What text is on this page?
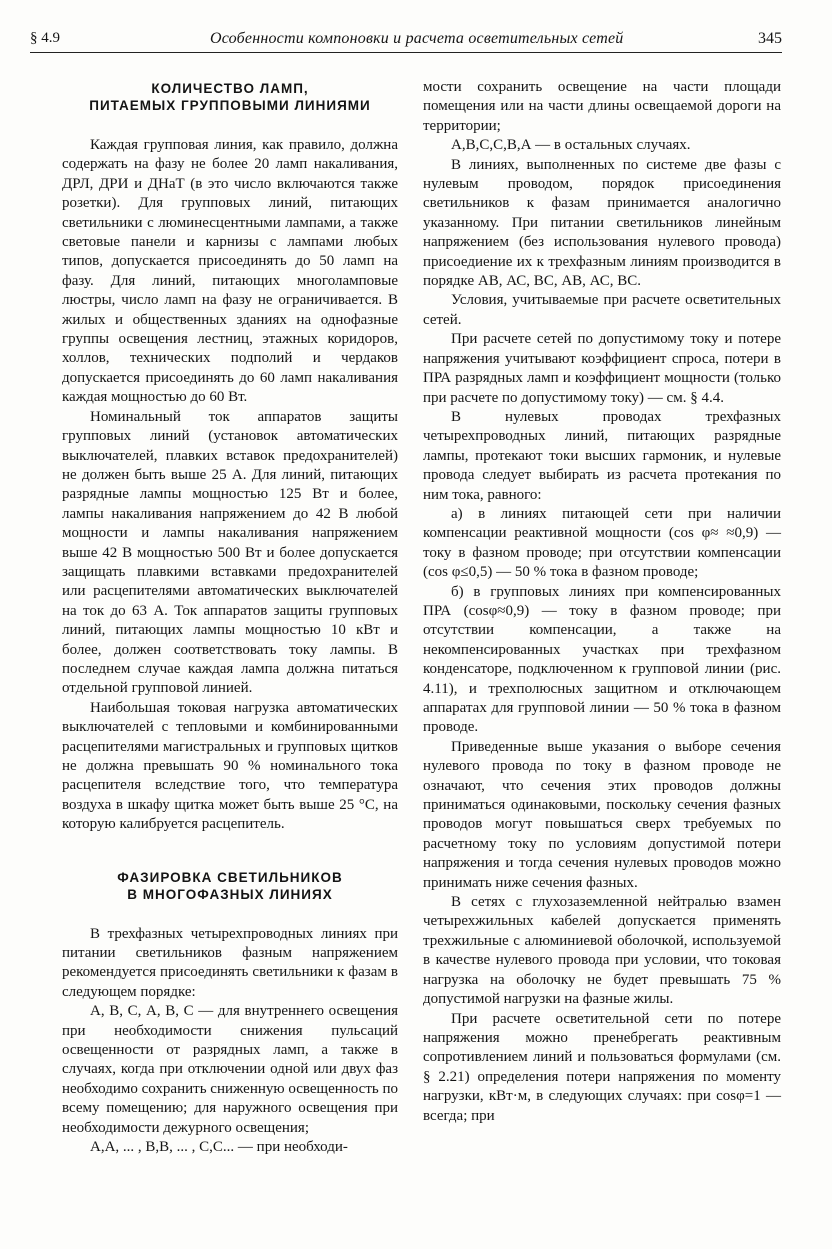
§ 4.9	Особенности компоновки и расчета осветительных сетей	345
КОЛИЧЕСТВО ЛАМП,
ПИТАЕМЫХ ГРУППОВЫМИ ЛИНИЯМИ

Каждая групповая линия, как правило, должна содержать на фазу не более 20 ламп накаливания, ДРЛ, ДРИ и ДНаТ (в это число включаются также розетки). Для групповых линий, питающих светильники с люминесцентными лампами, а также световые панели и карнизы с лампами любых типов, допускается присоединять до 50 ламп на фазу. Для линий, питающих многоламповые люстры, число ламп на фазу не ограничивается. В жилых и общественных зданиях на однофазные группы освещения лестниц, этажных коридоров, холлов, технических подполий и чердаков допускается присоединять до 60 ламп накаливания каждая мощностью до 60 Вт.

Номинальный ток аппаратов защиты групповых линий (установок автоматических выключателей, плавких вставок предохранителей) не должен быть выше 25 А. Для линий, питающих разрядные лампы мощностью 125 Вт и более, лампы накаливания напряжением до 42 В любой мощности и лампы накаливания напряжением выше 42 В мощностью 500 Вт и более допускается защищать плавкими вставками предохранителей или расцепителями автоматических выключателей на ток до 63 А. Ток аппаратов защиты групповых линий, питающих лампы мощностью 10 кВт и более, должен соответствовать току лампы. В последнем случае каждая лампа должна питаться отдельной групповой линией.

Наибольшая токовая нагрузка автоматических выключателей с тепловыми и комбинированными расцепителями магистральных и групповых щитков не должна превышать 90 % номинального тока расцепителя вследствие того, что температура воздуха в шкафу щитка может быть выше 25 °С, на которую калибруется расцепитель.

ФАЗИРОВКА СВЕТИЛЬНИКОВ
В МНОГОФАЗНЫХ ЛИНИЯХ

В трехфазных четырехпроводных линиях при питании светильников фазным напряжением рекомендуется присоединять светильники к фазам в следующем порядке:

А, В, С, А, В, С — для внутреннего освещения при необходимости снижения пульсаций освещенности от разрядных ламп, а также в случаях, когда при отключении одной или двух фаз необходимо сохранить сниженную освещенность по всему помещению; для наружного освещения при необходимости дежурного освещения;

А,А, ... , В,В, ... , С,С... — при необходи-

мости сохранить освещение на части площади помещения или на части длины освещаемой дороги на территории;

А,В,С,С,В,А — в остальных случаях.

В линиях, выполненных по системе две фазы с нулевым проводом, порядок присоединения светильников к фазам принимается аналогично указанному. При питании светильников линейным напряжением (без использования нулевого провода) присоедиение их к трехфазным линиям производится в порядке АВ, АС, ВС, АВ, АС, ВС.

Условия, учитываемые при расчете осветительных сетей.

При расчете сетей по допустимому току и потере напряжения учитывают коэффициент спроса, потери в ПРА разрядных ламп и коэффициент мощности (только при расчете по допустимому току) — см. § 4.4.

В нулевых проводах трехфазных четырехпроводных линий, питающих разрядные лампы, протекают токи высших гармоник, и нулевые провода следует выбирать из расчета протекания по ним тока, равного:

а) в линиях питающей сети при наличии компенсации реактивной мощности (cos φ≈ ≈0,9) — току в фазном проводе; при отсутствии компенсации (cos φ≤0,5) — 50 % тока в фазном проводе;

б) в групповых линиях при компенсированных ПРА (cosφ≈0,9) — току в фазном проводе; при отсутствии компенсации, а также на некомпенсированных участках при трехфазном конденсаторе, подключенном к групповой линии (рис. 4.11), и трехполюсных защитном и отключающем аппаратах для групповой линии — 50 % тока в фазном проводе.

Приведенные выше указания о выборе сечения нулевого провода по току в фазном проводе не означают, что сечения этих проводов должны приниматься одинаковыми, поскольку сечения фазных проводов могут повышаться сверх требуемых по расчетному току по условиям допустимой потери напряжения и тогда сечения нулевых проводов можно принимать ниже сечения фазных.

В сетях с глухозаземленной нейтралью взамен четырехжильных кабелей допускается применять трехжильные с алюминиевой оболочкой, используемой в качестве нулевого провода при условии, что токовая нагрузка на оболочку не будет превышать 75 % допустимой нагрузки на фазные жилы.

При расчете осветительной сети по потере напряжения можно пренебрегать реактивным сопротивлением линий и пользоваться формулами (см. § 2.21) определения потери напряжения по моменту нагрузки, кВт·м, в следующих случаях: при cosφ=1 — всегда; при
